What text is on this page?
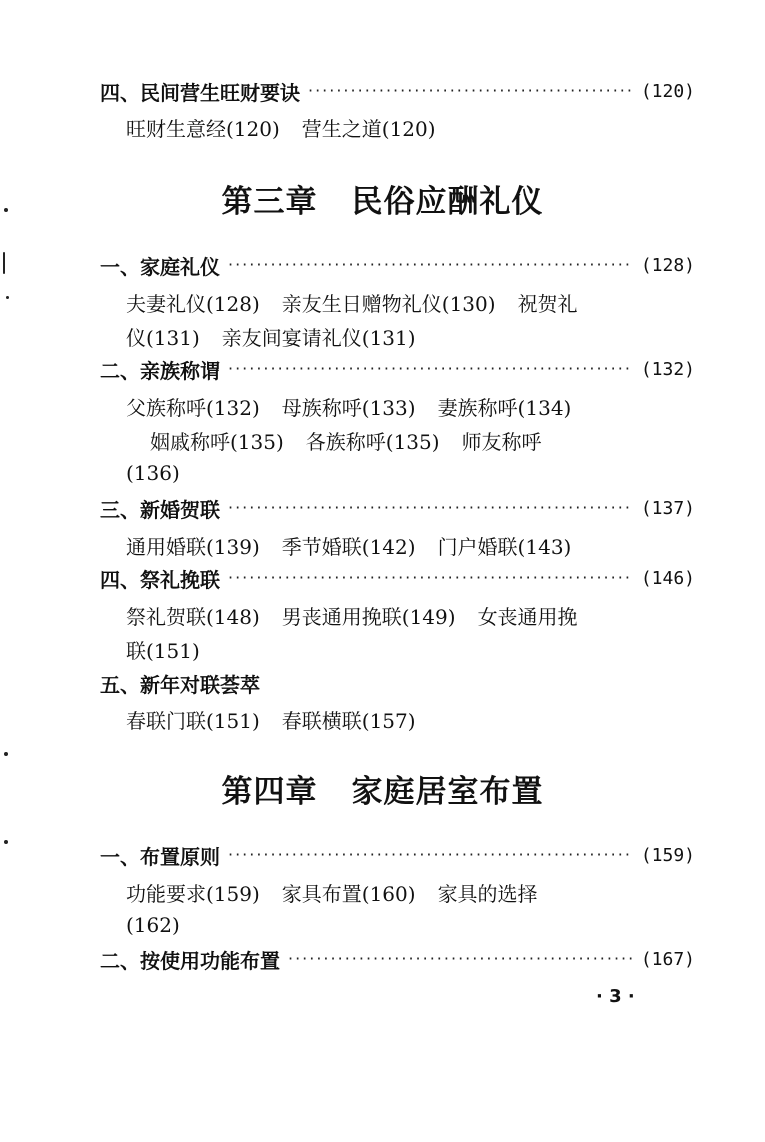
四、民间营生旺财要诀 ·····	(120)
旺财生意经(120) 营生之道(120)
第三章 民俗应酬礼仪
一、家庭礼仪 ·····	(128)
夫妻礼仪(128) 亲友生日赠物礼仪(130) 祝贺礼
仪(131) 亲友间宴请礼仪(131)
二、亲族称谓 ·····	(132)
父族称呼(132) 母族称呼(133) 妻族称呼(134)
姻戚称呼(135) 各族称呼(135) 师友称呼
(136)
三、新婚贺联 ·····	(137)
通用婚联(139) 季节婚联(142) 门户婚联(143)
四、祭礼挽联 ·····	(146)
祭礼贺联(148) 男丧通用挽联(149) 女丧通用挽
联(151)
五、新年对联荟萃
春联门联(151) 春联横联(157)
第四章 家庭居室布置
一、布置原则 ·····	(159)
功能要求(159) 家具布置(160) 家具的选择
(162)
二、按使用功能布置 ·····	(167)
· 3 ·
